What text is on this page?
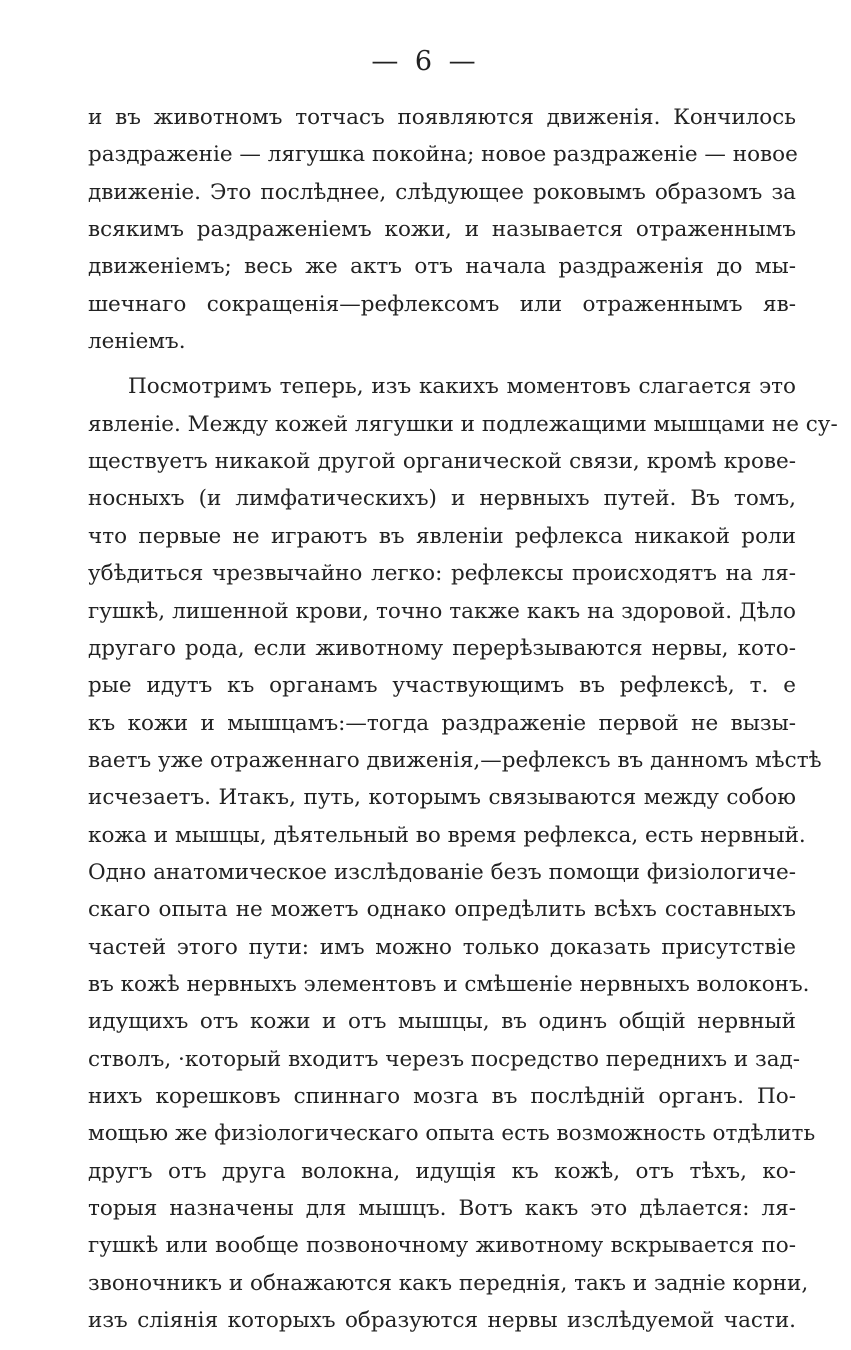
— 6 —
и въ животномъ тотчасъ появляются движенія. Кончилось
раздраженіе — лягушка покойна; новое раздраженіе — новое
движеніе. Это послѣднее, слѣдующее роковымъ образомъ за
всякимъ раздраженіемъ кожи, и называется отраженнымъ
движеніемъ; весь же актъ отъ начала раздраженія до мы-
шечнаго сокращенія—рефлексомъ или отраженнымъ яв-
леніемъ.
Посмотримъ теперь, изъ какихъ моментовъ слагается это
явленіе. Между кожей лягушки и подлежащими мышцами не су-
ществуетъ никакой другой органической связи, кромѣ крове-
носныхъ (и лимфатическихъ) и нервныхъ путей. Въ томъ,
что первые не играютъ въ явленіи рефлекса никакой роли
убѣдиться чрезвычайно легко: рефлексы происходятъ на ля-
гушкѣ, лишенной крови, точно также какъ на здоровой. Дѣло
другаго рода, если животному перерѣзываются нервы, кото-
рые идутъ къ органамъ участвующимъ въ рефлексѣ, т. е
къ кожи и мышцамъ:—тогда раздраженіе первой не вызы-
ваетъ уже отраженнаго движенія,—рефлексъ въ данномъ мѣстѣ
исчезаетъ. Итакъ, путь, которымъ связываются между собою
кожа и мышцы, дѣятельный во время рефлекса, есть нервный.
Одно анатомическое изслѣдованіе безъ помощи физіологиче-
скаго опыта не можетъ однако опредѣлить всѣхъ составныхъ
частей этого пути: имъ можно только доказать присутствіе
въ кожѣ нервныхъ элементовъ и смѣшеніе нервныхъ волоконъ.
идущихъ отъ кожи и отъ мышцы, въ одинъ общій нервный
стволъ, ·который входитъ черезъ посредство переднихъ и зад-
нихъ корешковъ спиннаго мозга въ послѣдній органъ. По-
мощью же физіологическаго опыта есть возможность отдѣлить
другъ отъ друга волокна, идущія къ кожѣ, отъ тѣхъ, ко-
торыя назначены для мышцъ. Вотъ какъ это дѣлается: ля-
гушкѣ или вообще позвоночному животному вскрывается по-
звоночникъ и обнажаются какъ переднія, такъ и задніе корни,
изъ слiянія которыхъ образуются нервы изслѣдуемой части.
